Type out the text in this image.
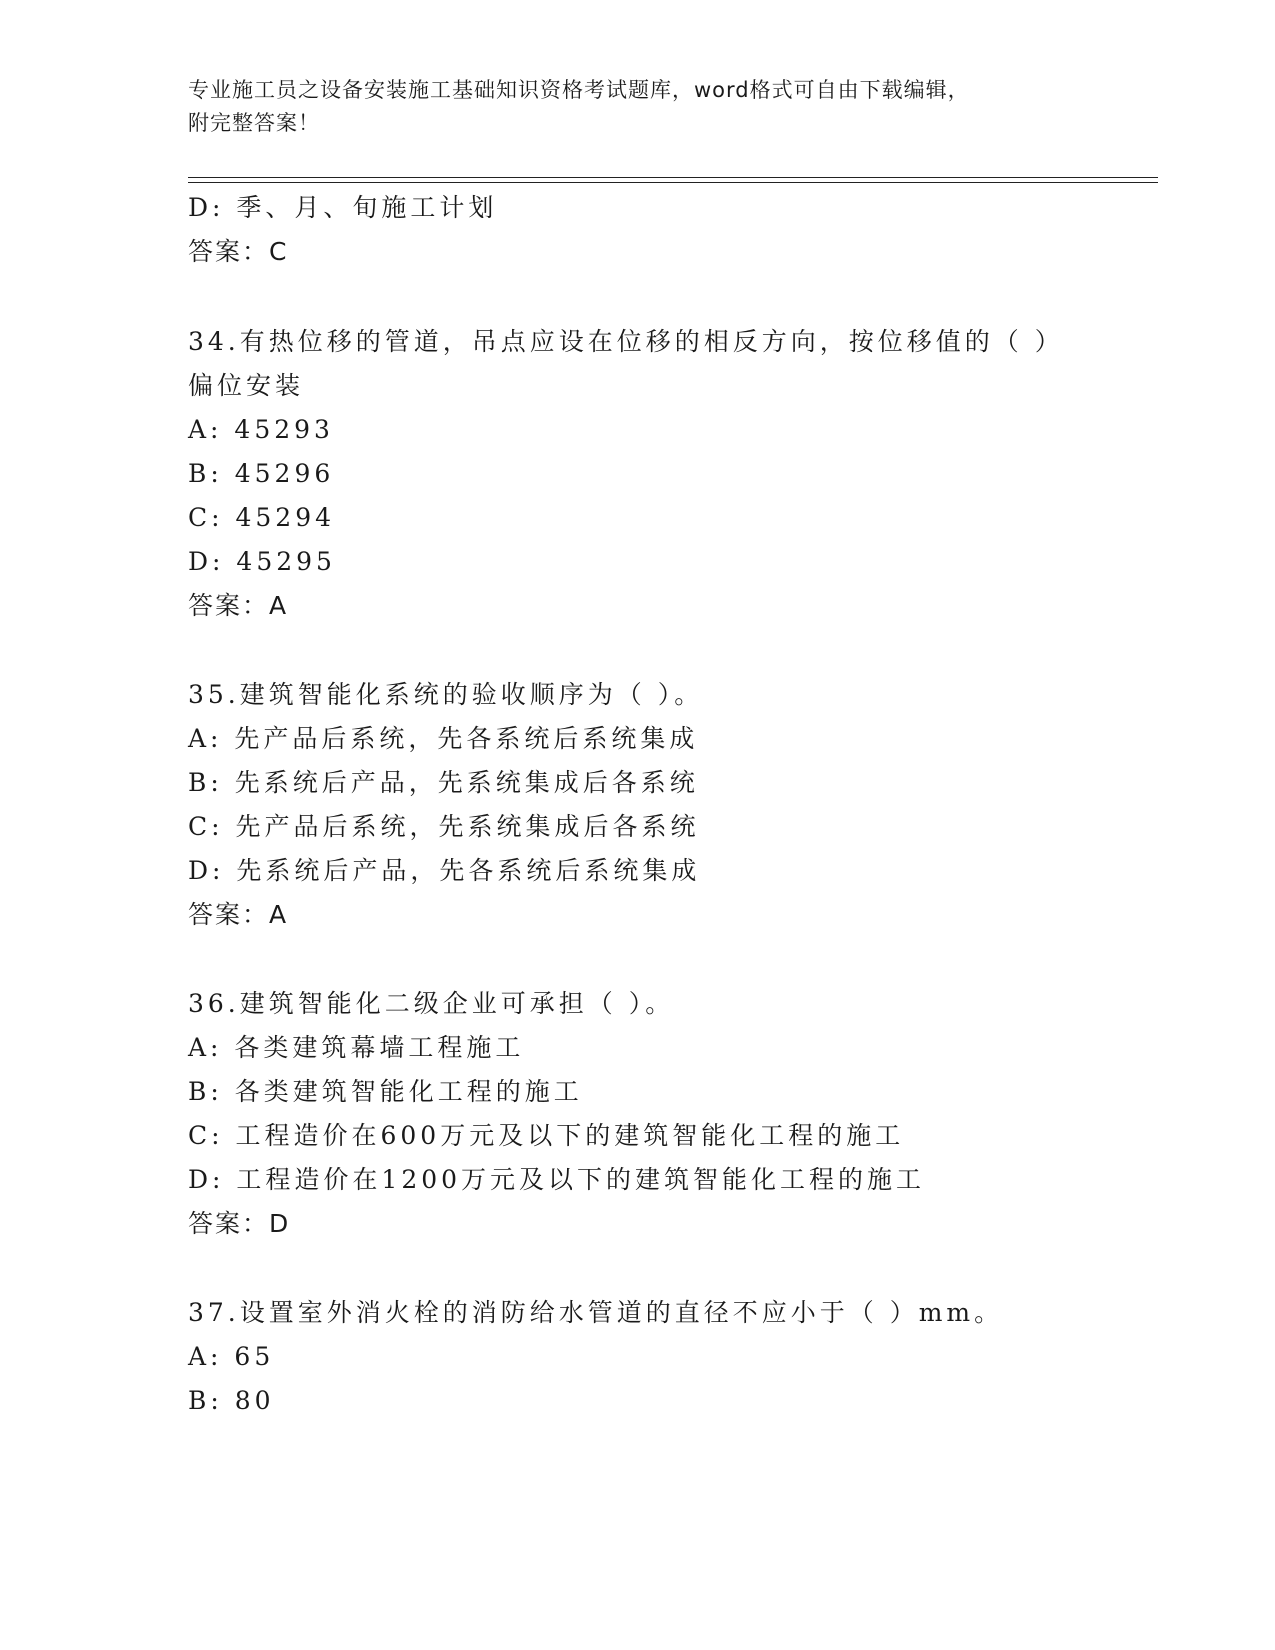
专业施工员之设备安装施工基础知识资格考试题库，word格式可自由下载编辑，
附完整答案！
D: 季、月、旬施工计划
答案：C
34.有热位移的管道，吊点应设在位移的相反方向，按位移值的（ ）
偏位安装
A: 45293
B: 45296
C: 45294
D: 45295
答案：A
35.建筑智能化系统的验收顺序为（ ）。
A: 先产品后系统，先各系统后系统集成
B: 先系统后产品，先系统集成后各系统
C: 先产品后系统，先系统集成后各系统
D: 先系统后产品，先各系统后系统集成
答案：A
36.建筑智能化二级企业可承担（ ）。
A: 各类建筑幕墙工程施工
B: 各类建筑智能化工程的施工
C: 工程造价在600万元及以下的建筑智能化工程的施工
D: 工程造价在1200万元及以下的建筑智能化工程的施工
答案：D
37.设置室外消火栓的消防给水管道的直径不应小于（ ）mm。
A: 65
B: 80
